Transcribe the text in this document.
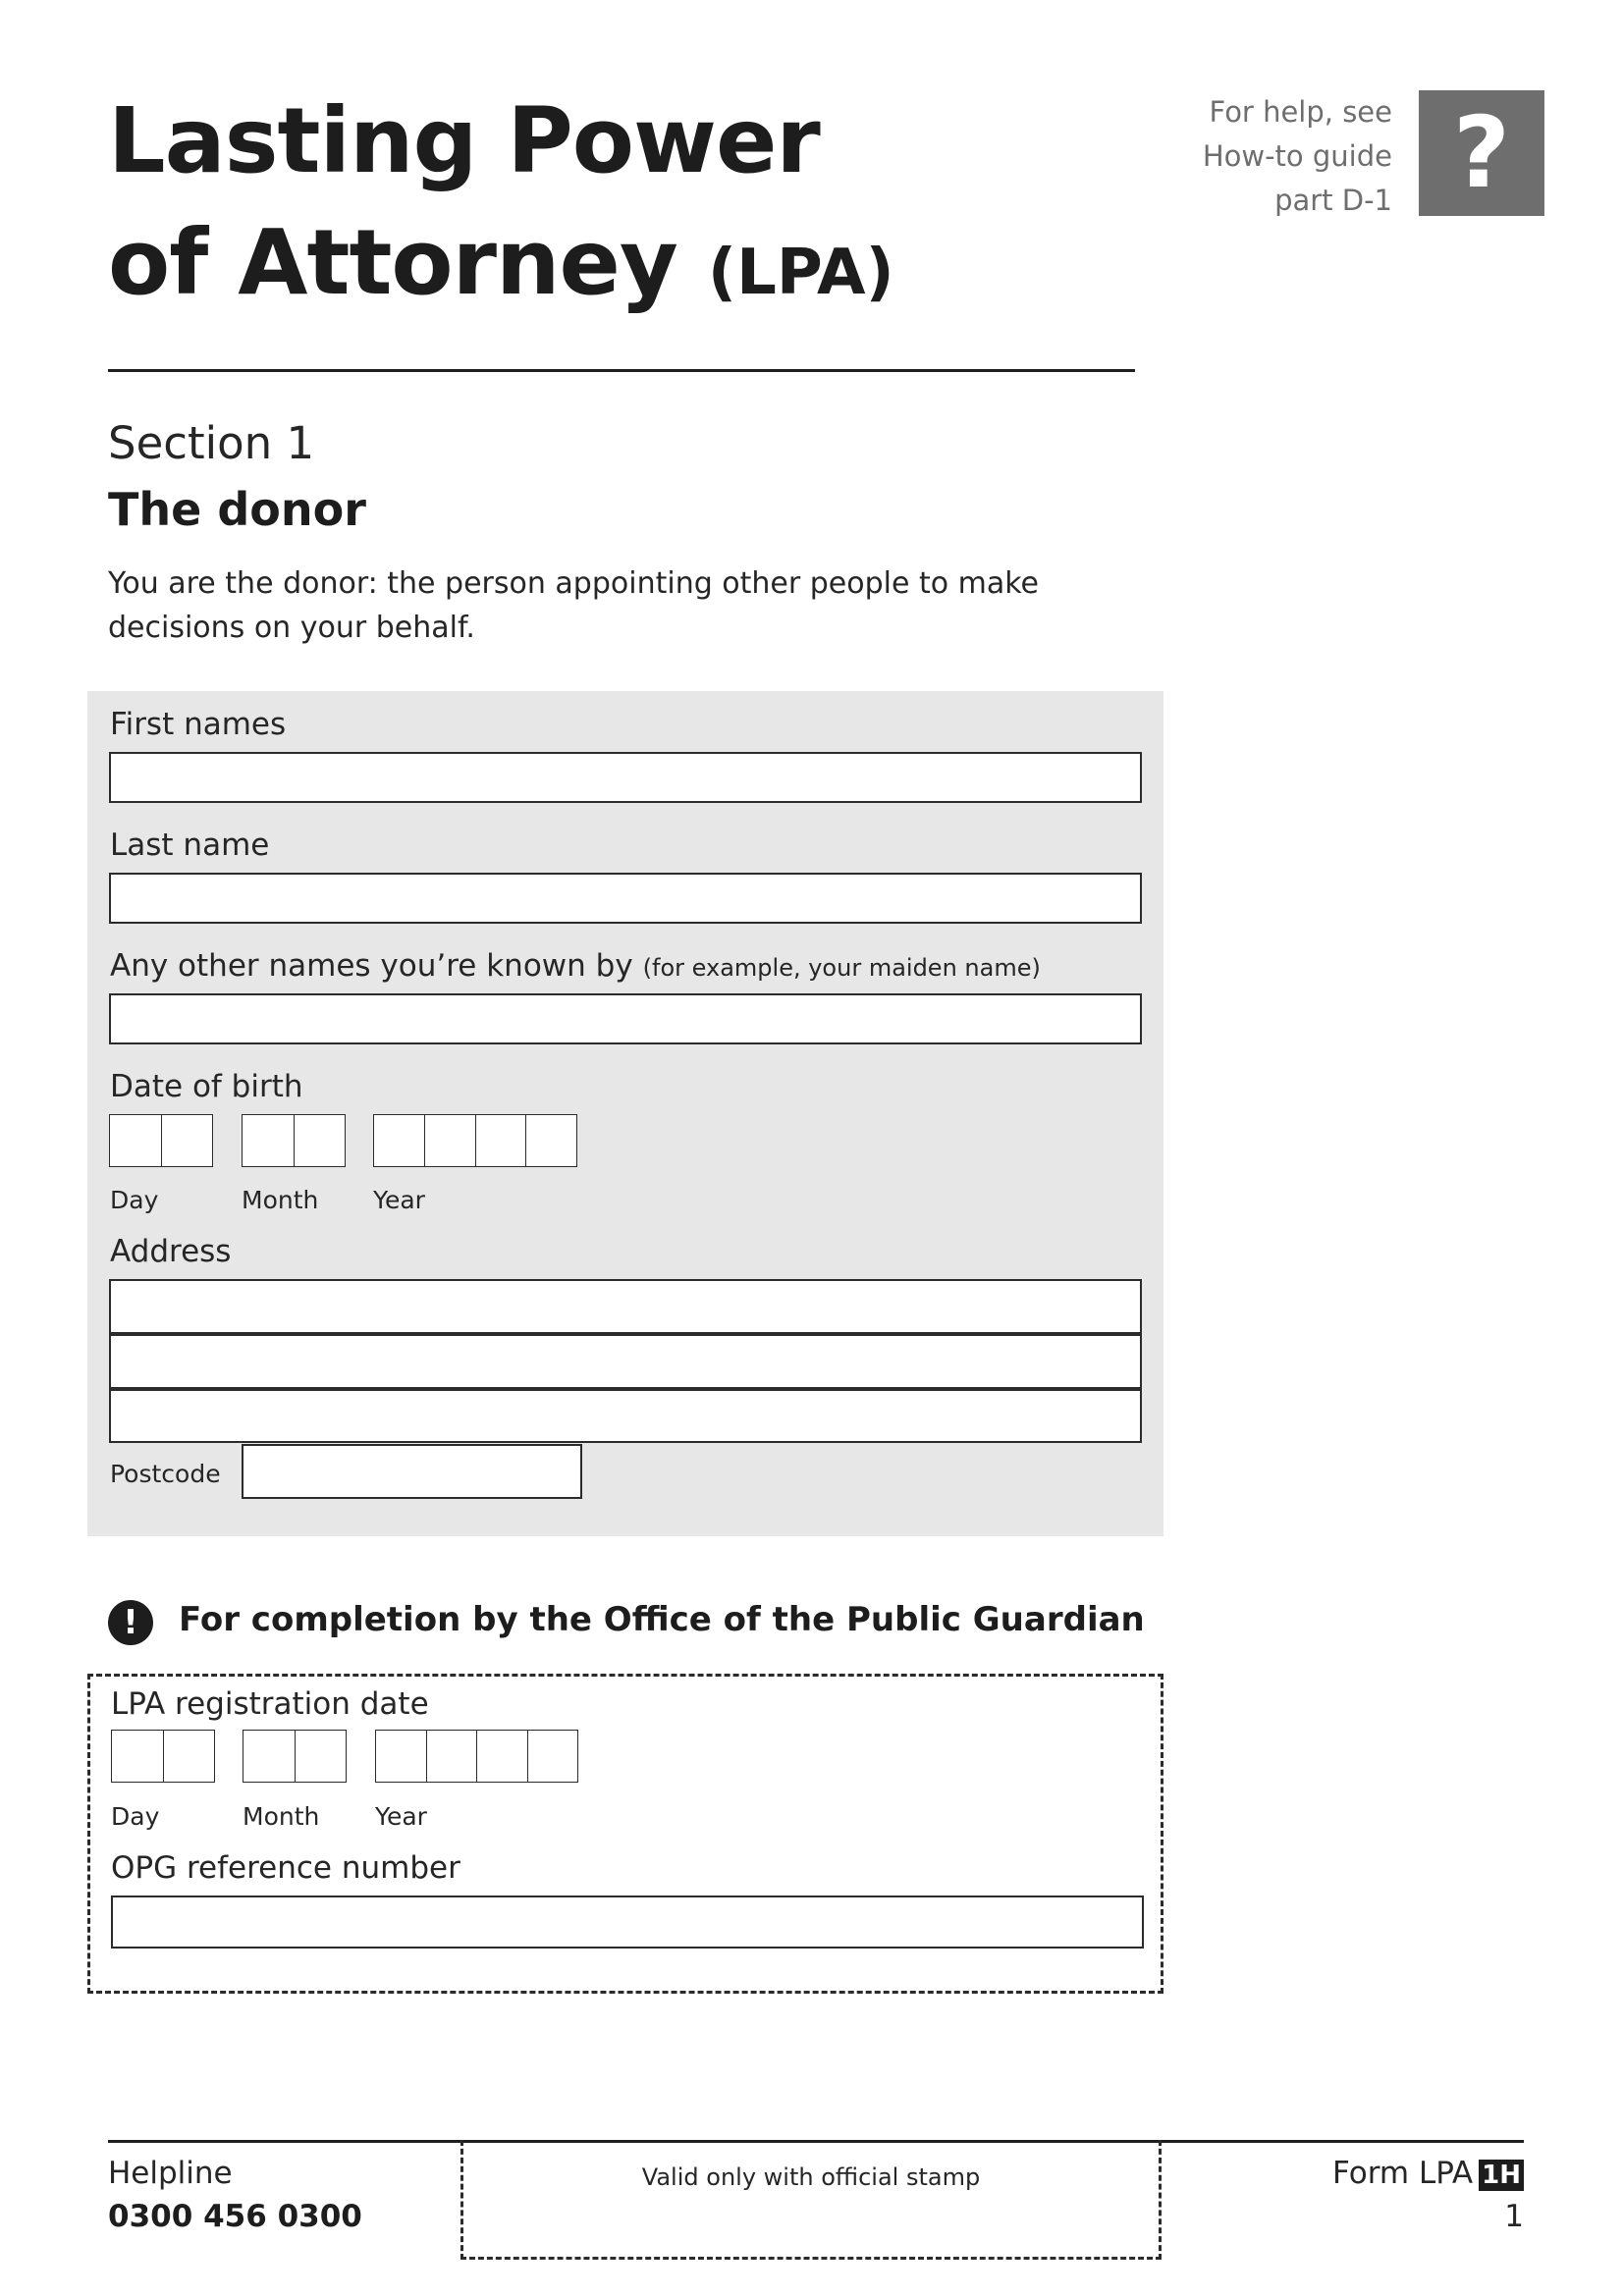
Lasting Power
of Attorney (LPA)
For help, see
How-to guide
part D-1 ?
Section 1
The donor
You are the donor: the person appointing other people to make decisions on your behalf.
First names
Last name
Any other names you’re known by (for example, your maiden name)
Date of birth
Day	Month Year
Address
Postcode
!	For completion by the Office of the Public Guardian
LPA registration date
Day	Month Year
OPG reference number
Valid only with official stamp
Helpline
0300 456 0300
Form LPA 1H
1
